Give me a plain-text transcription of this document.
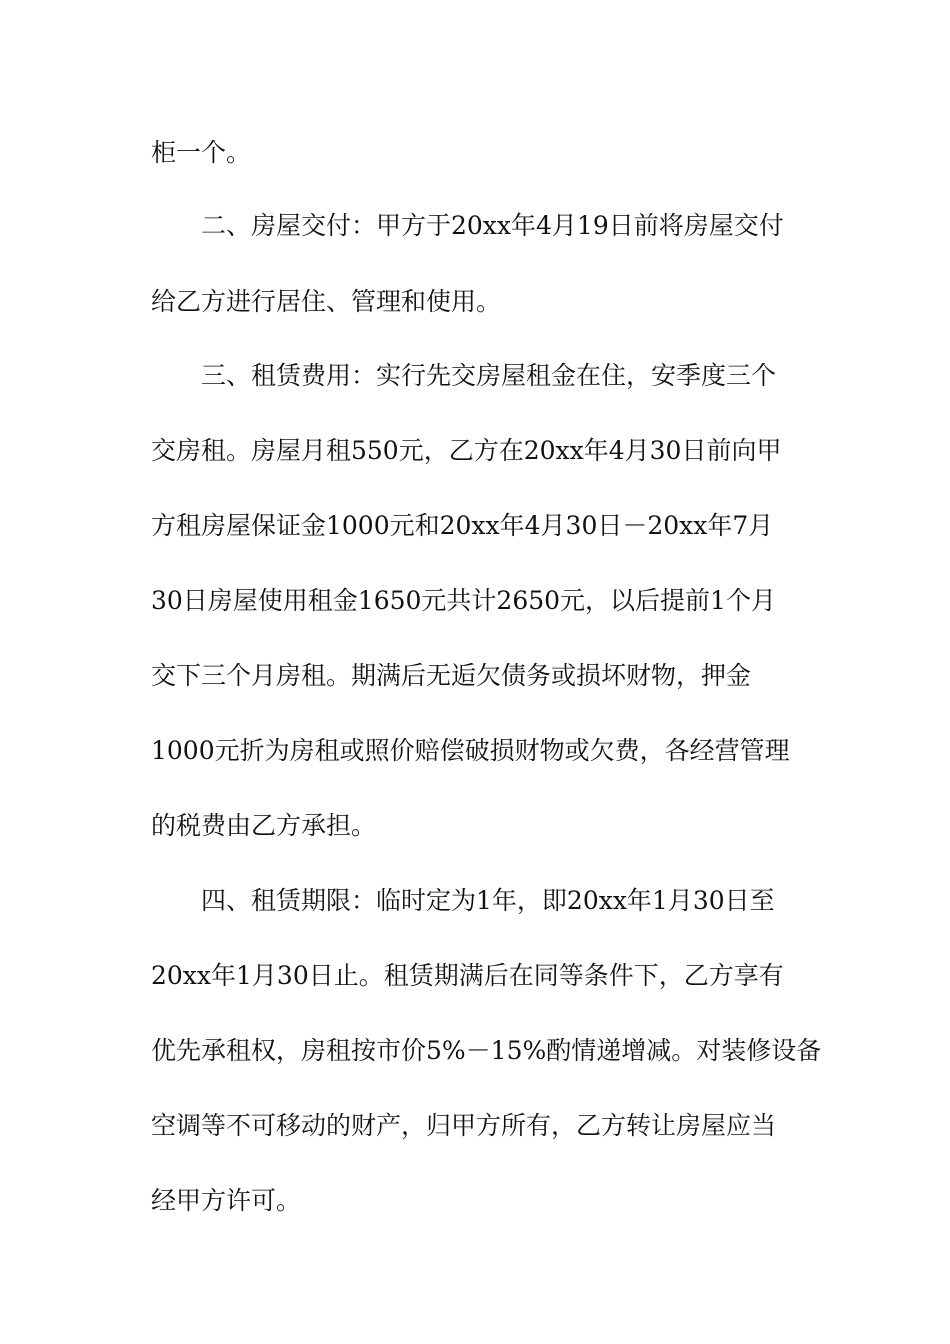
柜一个。
二、房屋交付：甲方于20xx年4月19日前将房屋交付
给乙方进行居住、管理和使用。
三、租赁费用：实行先交房屋租金在住，安季度三个
交房租。房屋月租550元，乙方在20xx年4月30日前向甲
方租房屋保证金1000元和20xx年4月30日－20xx年7月
30日房屋使用租金1650元共计2650元，以后提前1个月
交下三个月房租。期满后无逅欠债务或损坏财物，押金
1000元折为房租或照价赔偿破损财物或欠费，各经营管理
的税费由乙方承担。
四、租赁期限：临时定为1年，即20xx年1月30日至
20xx年1月30日止。租赁期满后在同等条件下，乙方享有
优先承租权，房租按市价5%－15%酌情递增减。对装修设备
空调等不可移动的财产，归甲方所有，乙方转让房屋应当
经甲方许可。
